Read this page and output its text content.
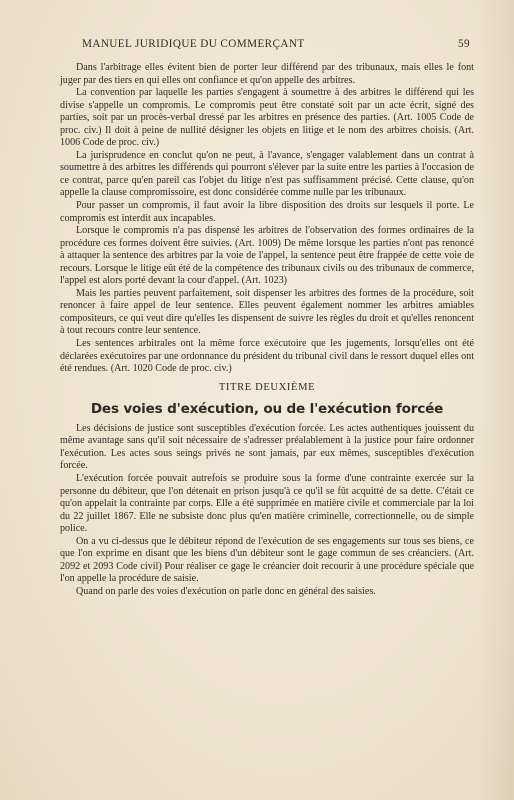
MANUEL JURIDIQUE DU COMMERÇANT	59

Dans l'arbitrage elles évitent bien de porter leur différend par des tribunaux, mais elles le font juger par des tiers en qui elles ont confiance et qu'on appelle des arbitres.

La convention par laquelle les parties s'engagent à soumettre à des arbitres le différend qui les divise s'appelle un compromis. Le compromis peut être constaté soit par un acte écrit, signé des parties, soit par un procès-verbal dressé par les arbitres en présence des parties. (Art. 1005 Code de proc. civ.) Il doit à peine de nullité désigner les objets en litige et le nom des arbitres choisis. (Art. 1006 Code de proc. civ.)

La jurisprudence en conclut qu'on ne peut, à l'avance, s'engager valablement dans un contrat à soumettre à des arbitres les différends qui pourront s'élever par la suite entre les parties à l'occasion de ce contrat, parce qu'en pareil cas l'objet du litige n'est pas suffisamment précisé. Cette clause, qu'on appelle la clause compromissoire, est donc considérée comme nulle par les tribunaux.

Pour passer un compromis, il faut avoir la libre disposition des droits sur lesquels il porte. Le compromis est interdit aux incapables.

Lorsque le compromis n'a pas dispensé les arbitres de l'observation des formes ordinaires de la procédure ces formes doivent être suivies. (Art. 1009) De même lorsque les parties n'ont pas renoncé à attaquer la sentence des arbitres par la voie de l'appel, la sentence peut être frappée de cette voie de recours. Lorsque le litige eût été de la compétence des tribunaux civils ou des tribunaux de commerce, l'appel est alors porté devant la cour d'appel. (Art. 1023)

Mais les parties peuvent parfaitement, soit dispenser les arbitres des formes de la procédure, soit renoncer à faire appel de leur sentence. Elles peuvent également nommer les arbitres amiables compositeurs, ce qui veut dire qu'elles les dispensent de suivre les règles du droit et qu'elles renoncent à tout recours contre leur sentence.

Les sentences arbitrales ont la même force exécutoire que les jugements, lorsqu'elles ont été déclarées exécutoires par une ordonnance du président du tribunal civil dans le ressort duquel elles ont été rendues. (Art. 1020 Code de proc. civ.)

TITRE DEUXIÈME

Des voies d'exécution, ou de l'exécution forcée

Les décisions de justice sont susceptibles d'exécution forcée. Les actes authentiques jouissent du même avantage sans qu'il soit nécessaire de s'adresser préalablement à la justice pour faire ordonner l'exécution. Les actes sous seings privés ne sont jamais, par eux mêmes, susceptibles d'exécution forcée.

L'exécution forcée pouvait autrefois se produire sous la forme d'une contrainte exercée sur la personne du débiteur, que l'on détenait en prison jusqu'à ce qu'il se fût acquitté de sa dette. C'était ce qu'on appelait la contrainte par corps. Elle a été supprimée en matière civile et commerciale par la loi du 22 juillet 1867. Elle ne subsiste donc plus qu'en matière criminelle, correctionnelle, ou de simple police.

On a vu ci-dessus que le débiteur répond de l'exécution de ses engagements sur tous ses biens, ce que l'on exprime en disant que les biens d'un débiteur sont le gage commun de ses créanciers. (Art. 2092 et 2093 Code civil) Pour réaliser ce gage le créancier doit recourir à une procédure spéciale que l'on appelle la procédure de saisie.

Quand on parle des voies d'exécution on parle donc en général des saisies.
